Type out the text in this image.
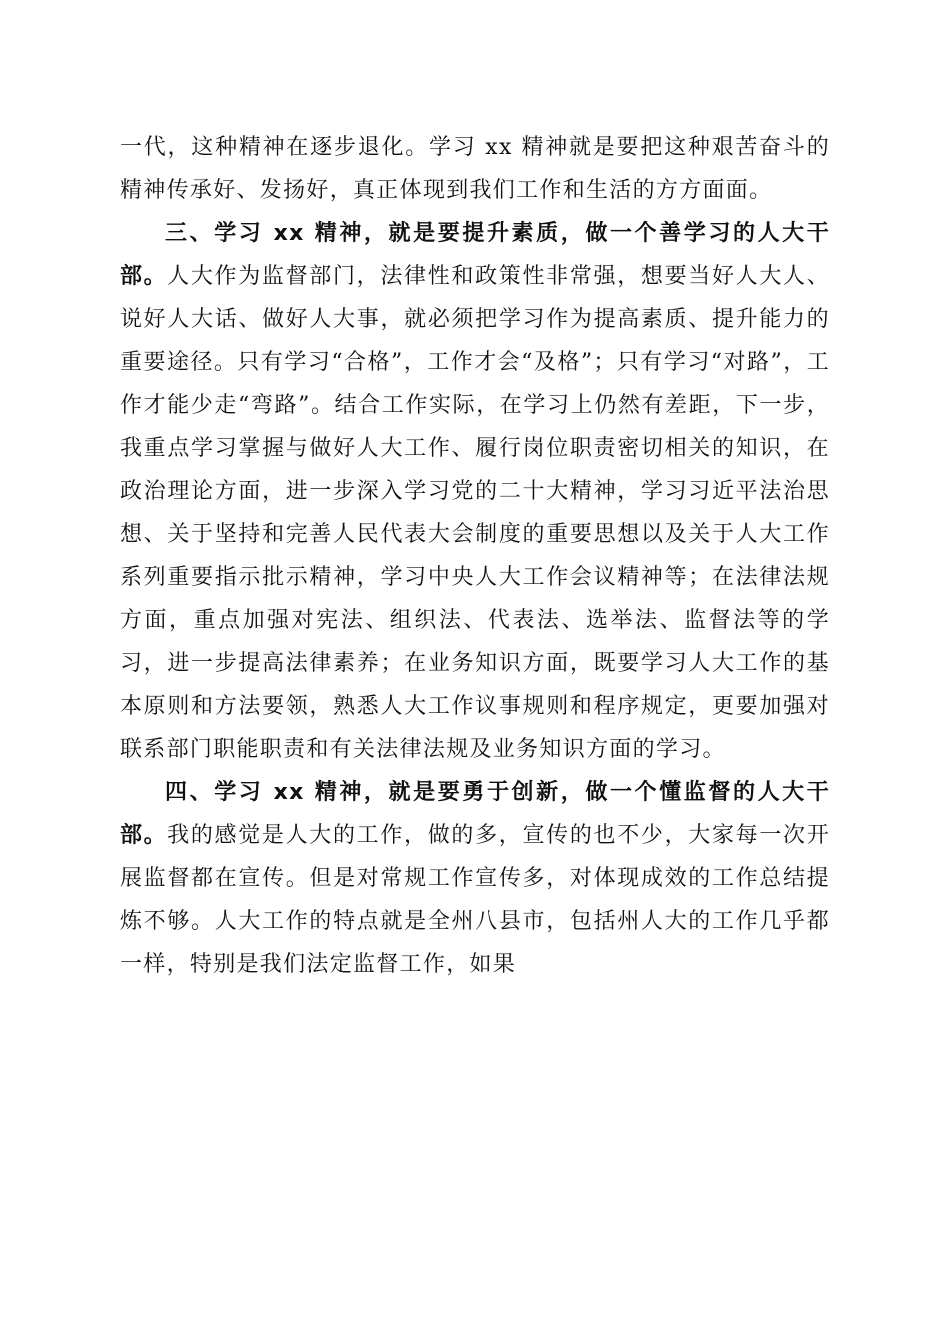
一代，这种精神在逐步退化。学习 xx 精神就是要把这种艰苦奋斗的精神传承好、发扬好，真正体现到我们工作和生活的方方面面。

三、学习 xx 精神，就是要提升素质，做一个善学习的人大干部。人大作为监督部门，法律性和政策性非常强，想要当好人大人、说好人大话、做好人大事，就必须把学习作为提高素质、提升能力的重要途径。只有学习“合格”，工作才会“及格”；只有学习“对路”，工作才能少走“弯路”。结合工作实际，在学习上仍然有差距，下一步，我重点学习掌握与做好人大工作、履行岗位职责密切相关的知识，在政治理论方面，进一步深入学习党的二十大精神，学习习近平法治思想、关于坚持和完善人民代表大会制度的重要思想以及关于人大工作系列重要指示批示精神，学习中央人大工作会议精神等；在法律法规方面，重点加强对宪法、组织法、代表法、选举法、监督法等的学习，进一步提高法律素养；在业务知识方面，既要学习人大工作的基本原则和方法要领，熟悉人大工作议事规则和程序规定，更要加强对联系部门职能职责和有关法律法规及业务知识方面的学习。

四、学习 xx 精神，就是要勇于创新，做一个懂监督的人大干部。我的感觉是人大的工作，做的多，宣传的也不少，大家每一次开展监督都在宣传。但是对常规工作宣传多，对体现成效的工作总结提炼不够。人大工作的特点就是全州八县市，包括州人大的工作几乎都一样，特别是我们法定监督工作，如果
